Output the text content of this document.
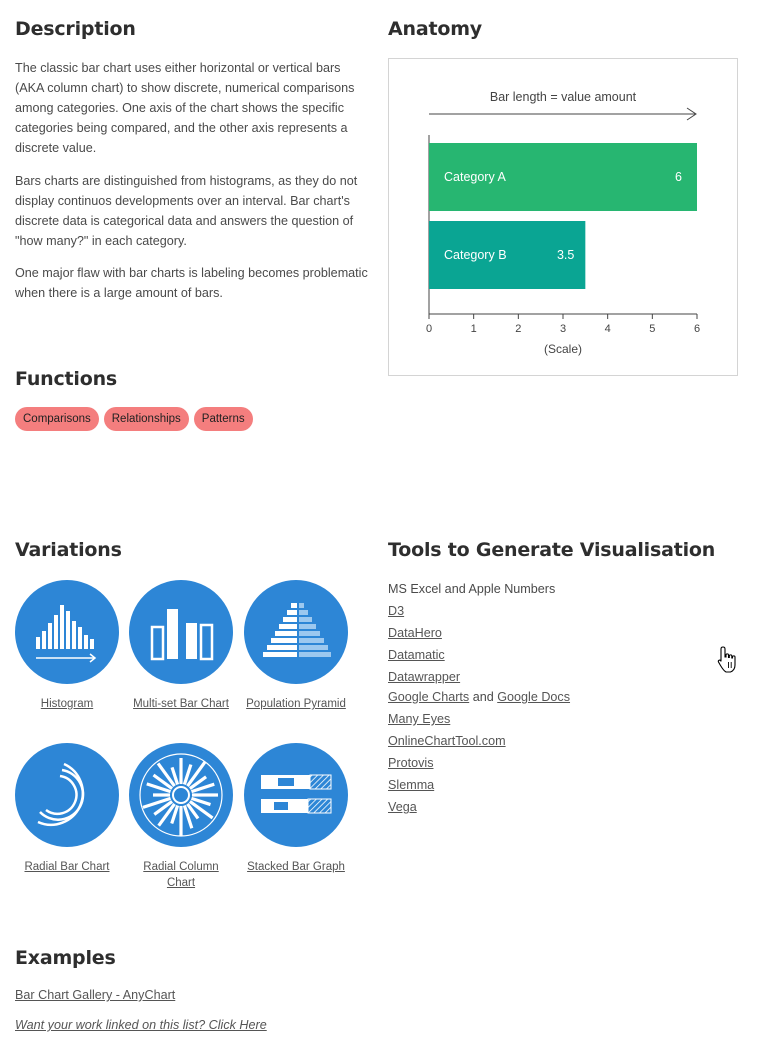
Description

The classic bar chart uses either horizontal or vertical bars (AKA column chart) to show discrete, numerical comparisons among categories. One axis of the chart shows the specific categories being compared, and the other axis represents a discrete value.

Bars charts are distinguished from histograms, as they do not display continuos developments over an interval. Bar chart's discrete data is categorical data and answers the question of "how many?" in each category.

One major flaw with bar charts is labeling becomes problematic when there is a large amount of bars.

Functions
Comparisons	Relationships	Patterns
Anatomy
Bar length = value amount
Category A	6
Category B	3.5
0	1	2	3	4	5	6
(Scale)
Variations
Histogram	Multi-set Bar Chart	Population Pyramid
Radial Bar Chart	Radial Column Chart
Stacked Bar Graph
Tools to Generate Visualisation
MS Excel and Apple Numbers
D3
DataHero
Datamatic
Datawrapper
Google Charts and Google Docs
Many Eyes
OnlineChartTool.com
Protovis
Slemma
Vega
Examples
Bar Chart Gallery - AnyChart
Want your work linked on this list? Click Here
